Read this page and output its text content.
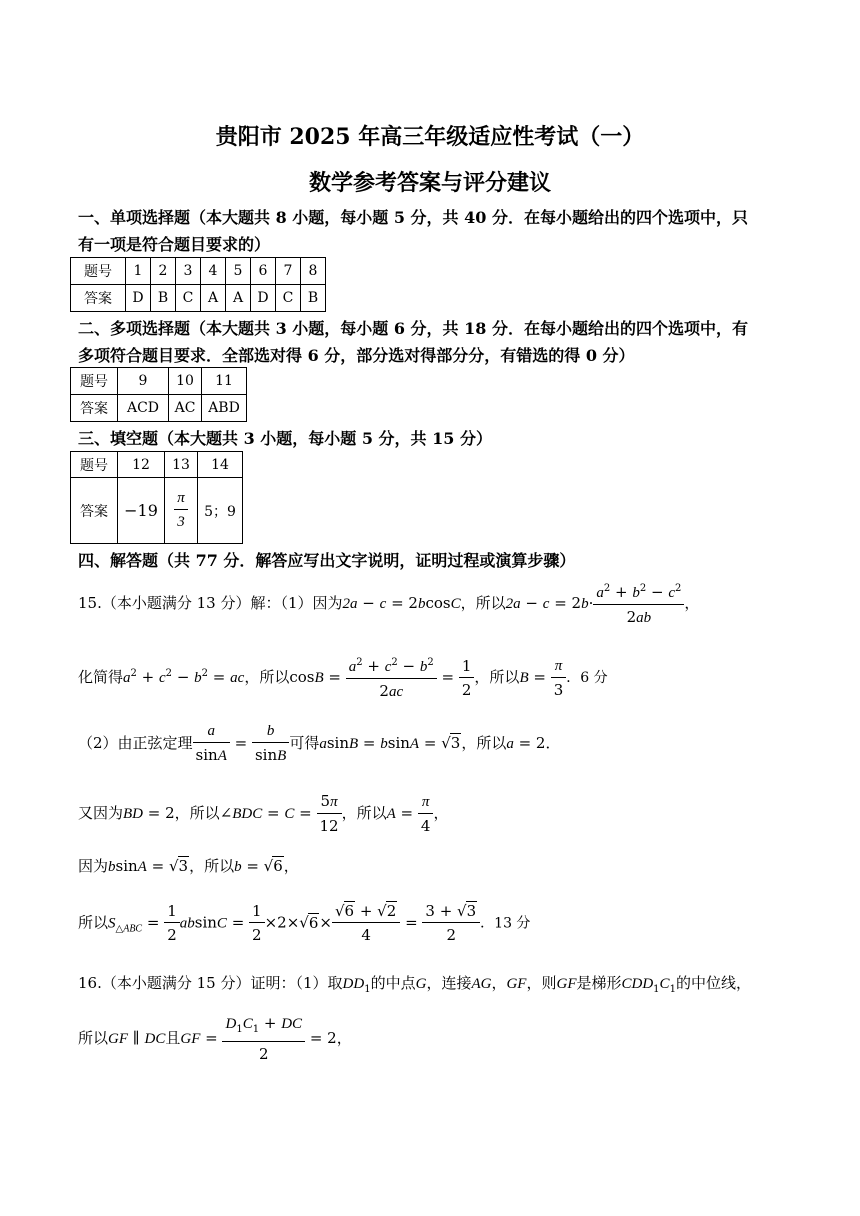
贵阳市 2025 年高三年级适应性考试（一）
数学参考答案与评分建议
一、单项选择题（本大题共 8 小题，每小题 5 分，共 40 分．在每小题给出的四个选项中，只
有一项是符合题目要求的）
题号	1	2	3	4	5	6	7	8
答案	D	B	C	A	A	D	C	B
二、多项选择题（本大题共 3 小题，每小题 6 分，共 18 分．在每小题给出的四个选项中，有
多项符合题目要求．全部选对得 6 分，部分选对得部分分，有错选的得 0 分）
题号	9	10	11
答案	ACD	AC	ABD
三、填空题（本大题共 3 小题，每小题 5 分，共 15 分）
题号	12	13	14
答案	−19	$\frac{\pi}{3}$	5；9
四、解答题（共 77 分．解答应写出文字说明，证明过程或演算步骤）
15.（本小题满分 13 分）解：（1）因为2a − c = 2bcosC，所以$2a - c = 2b\cdot \frac{a^2 + b^2 - c^2}{2ab}$ ，
化简得$a^2 + c^2 - b^2$ = ac，所以$\cos B = \frac{a^2 + c^2 - b^2}{2ac} = \frac{1}{2}$ ，所以$B = \frac{\pi}{3}$ ．6 分
（2）由正弦定理 $\frac{a}{\sin A} = \frac{b}{\sin B}$ 可得asinB = bsinA = √3，所以a = 2．
又因为BD = 2，所以∠BDC = $C = \frac{5\pi}{12}$ ，所以$A = \frac{\pi}{4}$ ，
因为bsinA = √3，所以b = √6，
所以$S_{\triangle ABC} = \frac{1}{2}$ $absinC = \frac{1}{2} \times 2\times√6\times \frac{√6 + √2}{4} = \frac{3 + √3}{2}$ ．13 分
16.（本小题满分 15 分）证明：（1）取$DD_1$的中点G，连接AG，GF，则GF是梯形$CDD_1C_1$的中位线，
所以GF ∥ DC且GF = $\frac{D_1C_1 + DC}{2} = 2$，
